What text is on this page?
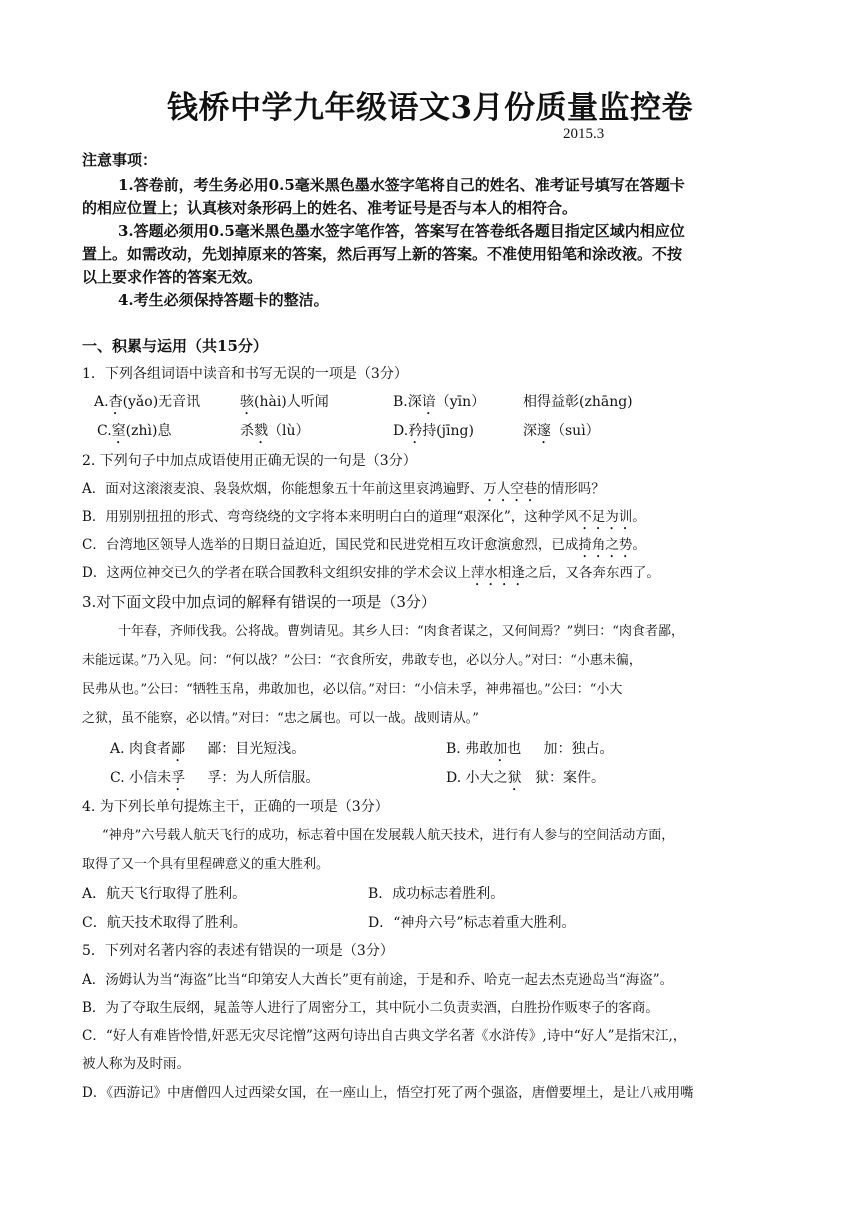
钱桥中学九年级语文3月份质量监控卷
2015.3
注意事项：
1.答卷前，考生务必用0.5毫米黑色墨水签字笔将自己的姓名、准考证号填写在答题卡
的相应位置上；认真核对条形码上的姓名、准考证号是否与本人的相符合。
3.答题必须用0.5毫米黑色墨水签字笔作答，答案写在答卷纸各题目指定区域内相应位
置上。如需改动，先划掉原来的答案，然后再写上新的答案。不准使用铅笔和涂改液。不按
以上要求作答的答案无效。
4.考生必须保持答题卡的整洁。
一、积累与运用（共15分）
1．下列各组词语中读音和书写无误的一项是（3分）
A.杳(yǎo)无音讯	骇(hài)人听闻	B.深谙（yīn）	相得益彰(zhāng)
C.窒(zhì)息	杀戮（lù）	D.矜持(jīng)	深邃（suì）
2. 下列句子中加点成语使用正确无误的一句是（3分）
A．面对这滚滚麦浪、袅袅炊烟，你能想象五十年前这里哀鸿遍野、万人空巷的情形吗？
B．用别别扭扭的形式、弯弯绕绕的文字将本来明明白白的道理“艰深化”，这种学风不足为训。
C．台湾地区领导人选举的日期日益迫近，国民党和民进党相互攻讦愈演愈烈，已成掎角之势。
D．这两位神交已久的学者在联合国教科文组织安排的学术会议上萍水相逢之后，又各奔东西了。
3.对下面文段中加点词的解释有错误的一项是（3分）
十年春，齐师伐我。公将战。曹刿请见。其乡人曰：“肉食者谋之，又何间焉？”刿曰：“肉食者鄙，
未能远谋。”乃入见。问：“何以战？”公曰：“衣食所安，弗敢专也，必以分人。”对曰：“小惠未徧，
民弗从也。”公曰：“牺牲玉帛，弗敢加也，必以信。”对曰：“小信未孚，神弗福也。”公曰：“小大
之狱，虽不能察，必以情。”对曰：“忠之属也。可以一战。战则请从。”
A. 肉食者鄙     鄙：目光短浅。	B. 弗敢加也     加：独占。
C. 小信未孚     孚：为人所信服。	D. 小大之狱   狱：案件。
4. 为下列长单句提炼主干，正确的一项是（3分）
“神舟”六号载人航天飞行的成功，标志着中国在发展载人航天技术，进行有人参与的空间活动方面，
取得了又一个具有里程碑意义的重大胜利。
A．航天飞行取得了胜利。	B．成功标志着胜利。
C．航天技术取得了胜利。	D．“神舟六号”标志着重大胜利。
5．下列对名著内容的表述有错误的一项是（3分）
A．汤姆认为当“海盗”比当“印第安人大酋长”更有前途，于是和乔、哈克一起去杰克逊岛当“海盗”。
B．为了夺取生辰纲，晁盖等人进行了周密分工，其中阮小二负责卖酒，白胜扮作贩枣子的客商。
C．“好人有难皆怜惜,奸恶无灾尽诧憎”这两句诗出自古典文学名著《水浒传》,诗中“好人”是指宋江,，
被人称为及时雨。
D．《西游记》中唐僧四人过西梁女国，在一座山上，悟空打死了两个强盗，唐僧要埋土，是让八戒用嘴
